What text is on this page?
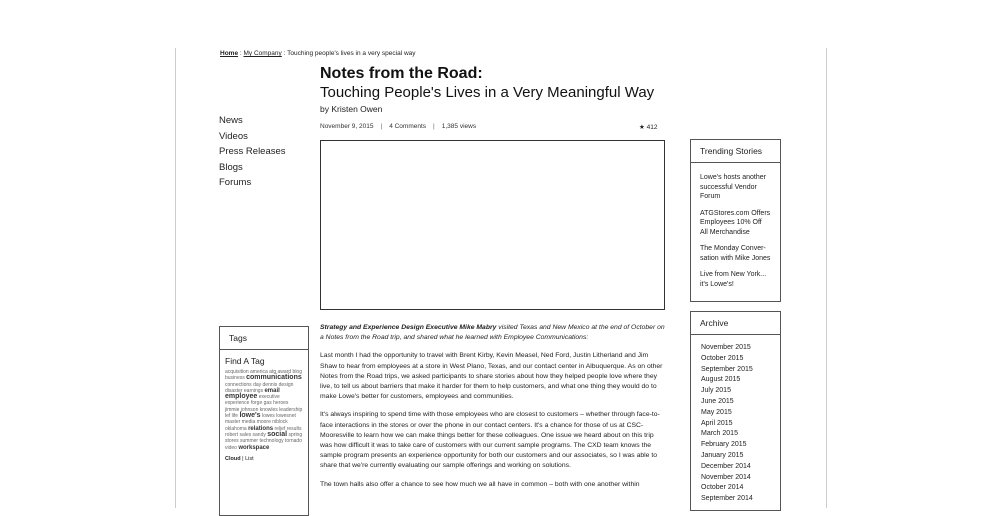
Home : My Company : Touching people's lives in a very special way
News
Videos
Press Releases
Blogs
Forums
Notes from the Road:
Touching People's Lives in a Very Meaningful Way
by Kristen Owen
November 9, 2015 | 4 Comments | 1,385 views	★ 412

Strategy and Experience Design Executive Mike Mabry visited Texas and New Mexico at the end of October on a Notes from the Road trip, and shared what he learned with Employee Communications:

Last month I had the opportunity to travel with Brent Kirby, Kevin Measel, Ned Ford, Justin Litherland and Jim Shaw to hear from employees at a store in West Plano, Texas, and our contact center in Albuquerque. As on other Notes from the Road trips, we asked participants to share stories about how they helped people love where they live, to tell us about barriers that make it harder for them to help customers, and what one thing they would do to make Lowe's better for customers, employees and communities.

It's always inspiring to spend time with those employees who are closest to customers – whether through face-to-face interactions in the stores or over the phone in our contact centers. It's a chance for those of us at CSC-Mooresville to learn how we can make things better for these colleagues. One issue we heard about on this trip was how difficult it was to take care of customers with our current sample programs. The CXD team knows the sample program presents an experience opportunity for both our customers and our associates, so I was able to share that we're currently evaluating our sample offerings and working on solutions.

The town halls also offer a chance to see how much we all have in common – both with one another within

Trending Stories
Lowe's hosts another successful Vendor Forum
ATGStores.com Offers Employees 10% Off All Merchandise
The Monday Conver-sation with Mike Jones
Live from New York... it's Lowe's!
Archive
November 2015
October 2015
September 2015
August 2015
July 2015
June 2015
May 2015
April 2015
March 2015
February 2015
January 2015
December 2014
November 2014
October 2014
September 2014
Tags
Find A Tag
acquisition america atg award blog business communications connections day dennis design disaster earnings email employee executive experience forge gas heroes jimmie johnson knowles leadership lef life lowe's lowes lowesnet master media moore niblock oklahoma relations relief results robert sales sandy social spring stores summer technology tornado video workspace
Cloud | List
